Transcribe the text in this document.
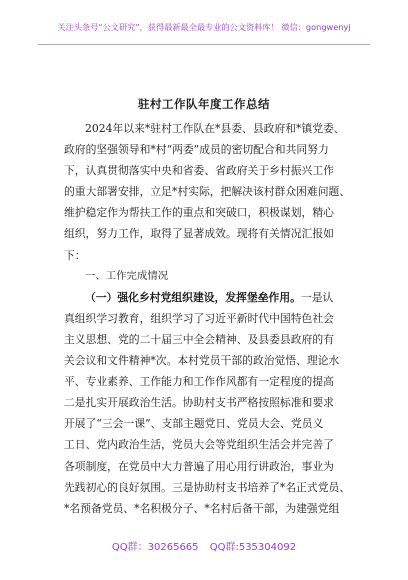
关注头条号“公文研究”，获得最新最全最专业的公文资料库！ 微信：gongwenyj
驻村工作队年度工作总结
2024年以来*驻村工作队在*县委、县政府和*镇党委、
政府的坚强领导和*村“两委”成员的密切配合和共同努力
下，认真贯彻落实中央和省委、省政府关于乡村振兴工作
的重大部署安排，立足*村实际，把解决该村群众困难问题、
维护稳定作为帮扶工作的重点和突破口，积极谋划，精心
组织，努力工作，取得了显著成效。现将有关情况汇报如
下：
一、工作完成情况
（一）强化乡村党组织建设，发挥堡垒作用。一是认
真组织学习教育，组织学习了习近平新时代中国特色社会
主义思想、党的二十届三中全会精神、及县委县政府的有
关会议和文件精神*次。本村党员干部的政治觉悟、理论水
平、专业素养、工作能力和工作作风都有一定程度的提高
二是扎实开展政治生活。协助村支书严格按照标准和要求
开展了“三会一课”、支部主题党日、党员大会、党员义
工日、党内政治生活，党员大会等党组织生活会并完善了
各项制度，在党员中大力普遍了用心用行讲政治，事业为
先践初心的良好氛围。三是协助村支书培养了*名正式党员、
*名预备党员、*名积极分子、*名村后备干部，为建强党组
QQ群：30265665 QQ群:535304092
